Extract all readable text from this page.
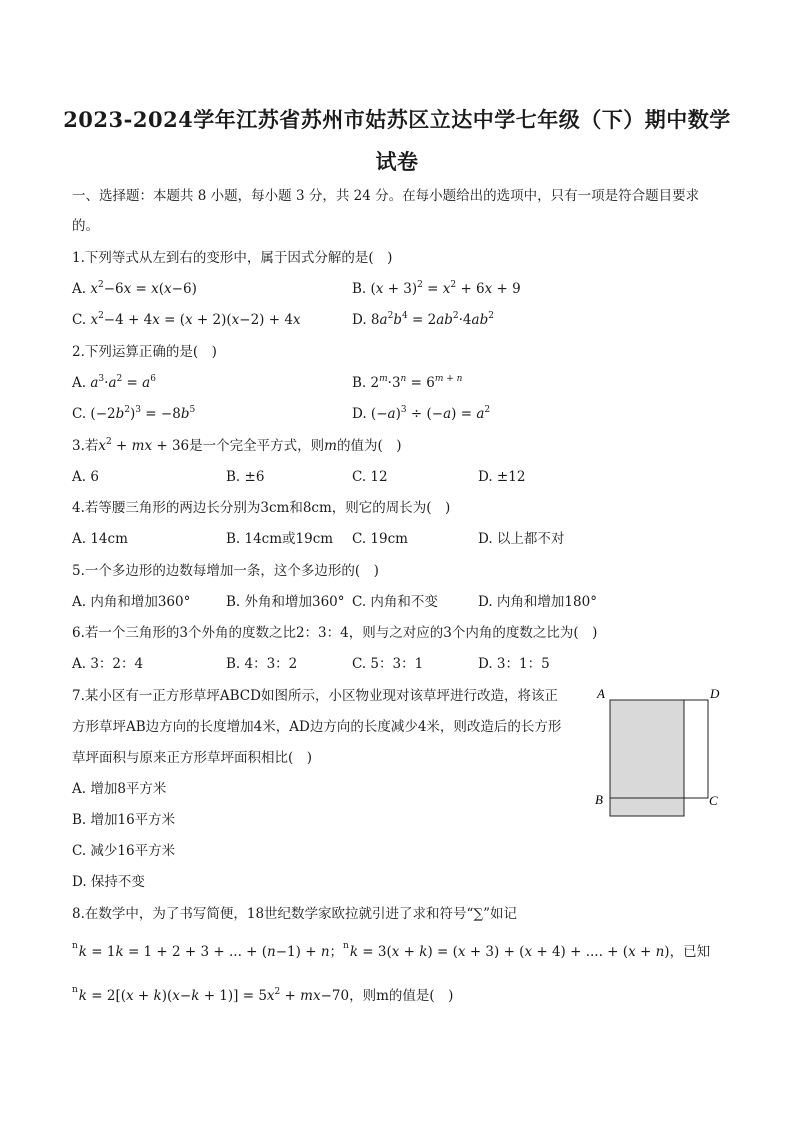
2023-2024学年江苏省苏州市姑苏区立达中学七年级（下）期中数学
试卷
一、选择题：本题共 8 小题，每小题 3 分，共 24 分。在每小题给出的选项中，只有一项是符合题目要求
的。
1.下列等式从左到右的变形中，属于因式分解的是(　)
A. $x^2-6x = x(x-6)$	B. $(x + 3)^2 = x^2 + 6x + 9$
C. $x^2-4 + 4x = (x + 2)(x-2) + 4x$	D. $8a^2b^4 = 2ab^2\cdot 4ab^2$
2.下列运算正确的是(　)
A. $a^3\cdot a^2 = a^6$	B. $2^m\cdot 3^n = 6^{m + n}$
C. $(-2b^2)^3 = -8b^5$	D. $(-a)^3 \div (-a) = a^2$
3.若$x^2$ + mx + 36是一个完全平方式，则m的值为(　)
A. 6	B. ±6	C. 12	D. ±12
4.若等腰三角形的两边长分别为3cm和8cm，则它的周长为(　)
A. 14cm	B. 14cm或19cm C. 19cm	D. 以上都不对
5.一个多边形的边数每增加一条，这个多边形的(　)
A. 内角和增加360°	B. 外角和增加360° C. 内角和不变	D. 内角和增加180°
6.若一个三角形的3个外角的度数之比2：3：4，则与之对应的3个内角的度数之比为(　)
A. 3：2：4	B. 4：3：2	C. 5：3：1	D. 3：1：5
7.某小区有一正方形草坪ABCD如图所示，小区物业现对该草坪进行改造，将该正
方形草坪AB边方向的长度增加4米，AD边方向的长度减少4米，则改造后的长方形
草坪面积与原来正方形草坪面积相比(　)
A. 增加8平方米
B. 增加16平方米
C. 减少16平方米
D. 保持不变
A	D
B	C
8.在数学中，为了书写简便，18世纪数学家欧拉就引进了求和符号“∑”如记
$^n$k = 1k = 1 + 2 + 3 + ... + (n−1) + n；$^n$k = 3(x + k) = (x + 3) + (x + 4) + .... + (x + n)，已知
$^nk = 2[(x + k)(x-k + 1)] = 5x^2 + mx-70$，则m的值是(　)
